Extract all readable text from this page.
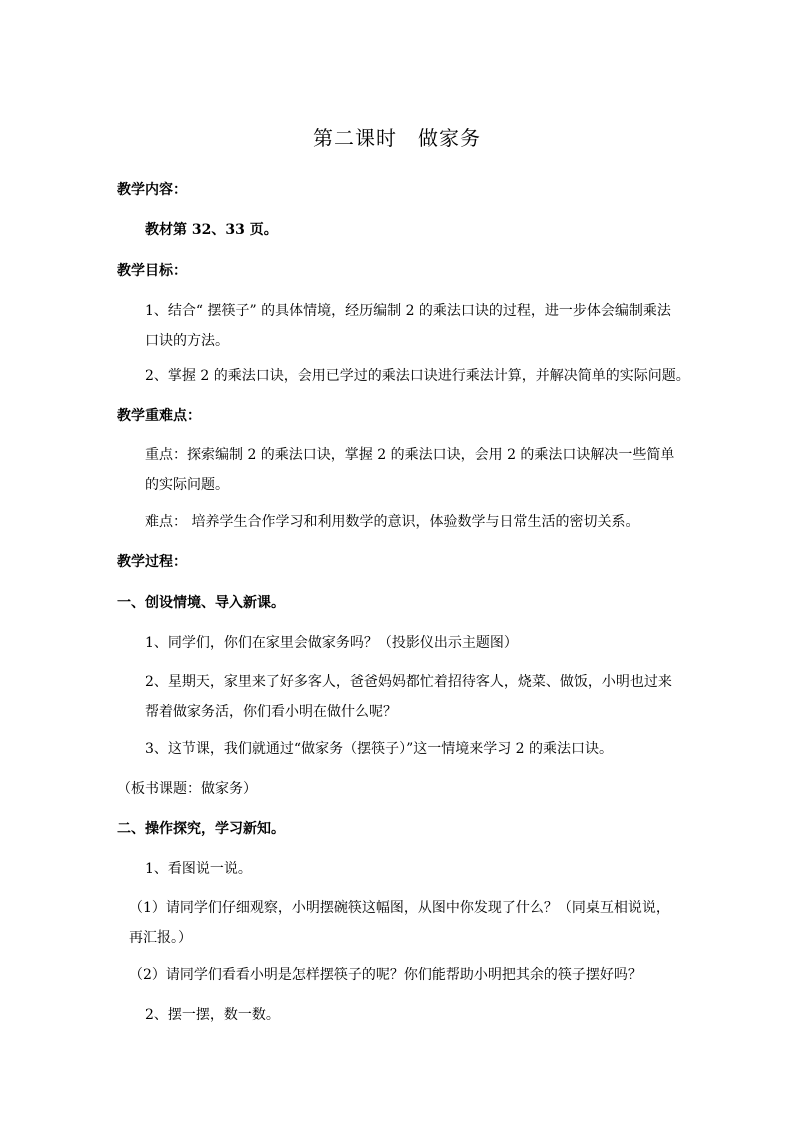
第二课时　做家务
教学内容：
教材第 32、33 页。
教学目标：
1、结合“ 摆筷子” 的具体情境，经历编制 2 的乘法口诀的过程，进一步体会编制乘法口诀的方法。
2、掌握 2 的乘法口诀，会用已学过的乘法口诀进行乘法计算，并解决简单的实际问题。
教学重难点：
重点：探索编制 2 的乘法口诀，掌握 2 的乘法口诀，会用 2 的乘法口诀解决一些简单的实际问题。
难点： 培养学生合作学习和利用数学的意识，体验数学与日常生活的密切关系。
教学过程：
一、创设情境、导入新课。
1、同学们，你们在家里会做家务吗？（投影仪出示主题图）
2、星期天，家里来了好多客人，爸爸妈妈都忙着招待客人，烧菜、做饭，小明也过来帮着做家务活，你们看小明在做什么呢？
3、这节课，我们就通过“做家务（摆筷子）”这一情境来学习 2 的乘法口诀。
（板书课题：做家务）
二、操作探究，学习新知。
1、看图说一说。
（1）请同学们仔细观察，小明摆碗筷这幅图，从图中你发现了什么？（同桌互相说说，再汇报。）
（2）请同学们看看小明是怎样摆筷子的呢？你们能帮助小明把其余的筷子摆好吗？
2、摆一摆，数一数。
